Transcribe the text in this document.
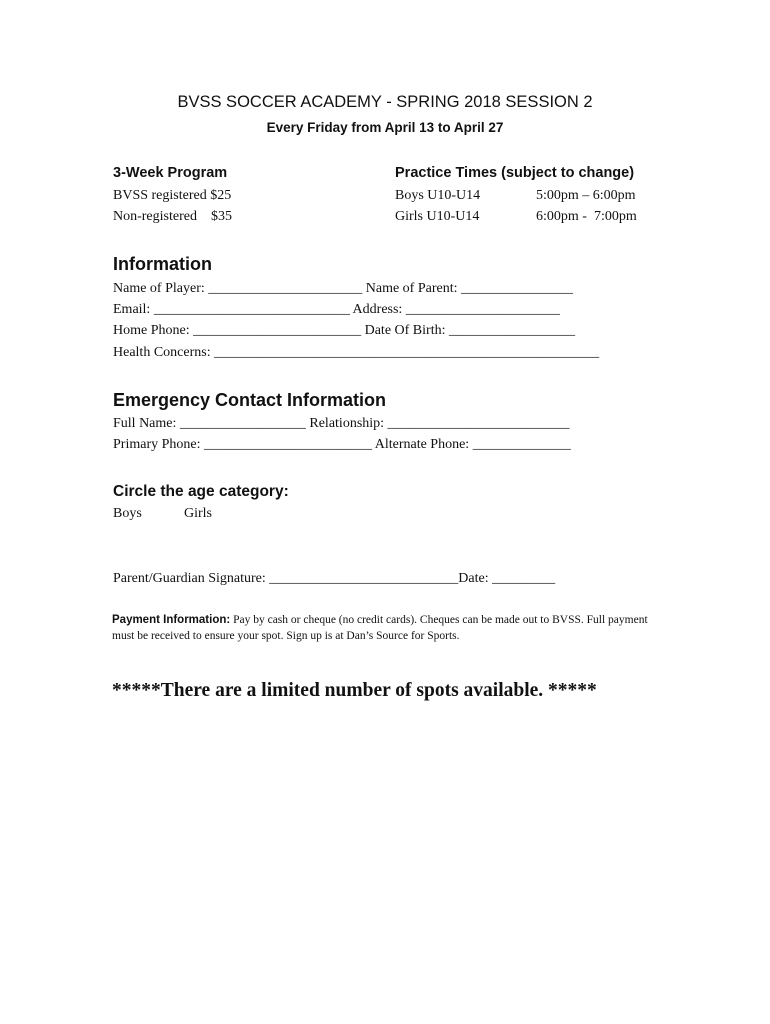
BVSS SOCCER ACADEMY - SPRING 2018 SESSION 2
Every Friday from April 13 to April 27
3-Week Program
BVSS registered $25
Non-registered    $35
Practice Times (subject to change)
Boys U10-U14	5:00pm – 6:00pm
Girls U10-U14	6:00pm -  7:00pm
Information
Name of Player: ______________________ Name of Parent: ________________
Email: ____________________________ Address: ______________________
Home Phone: ________________________ Date Of Birth: __________________
Health Concerns: _______________________________________________________
Emergency Contact Information
Full Name: __________________ Relationship: __________________________
Primary Phone: ________________________ Alternate Phone: ______________
Circle the age category:
Boys	Girls
Parent/Guardian Signature: ___________________________Date: _________
Payment Information: Pay by cash or cheque (no credit cards). Cheques can be made out to BVSS. Full payment must be received to ensure your spot. Sign up is at Dan’s Source for Sports.
*****There are a limited number of spots available. *****
